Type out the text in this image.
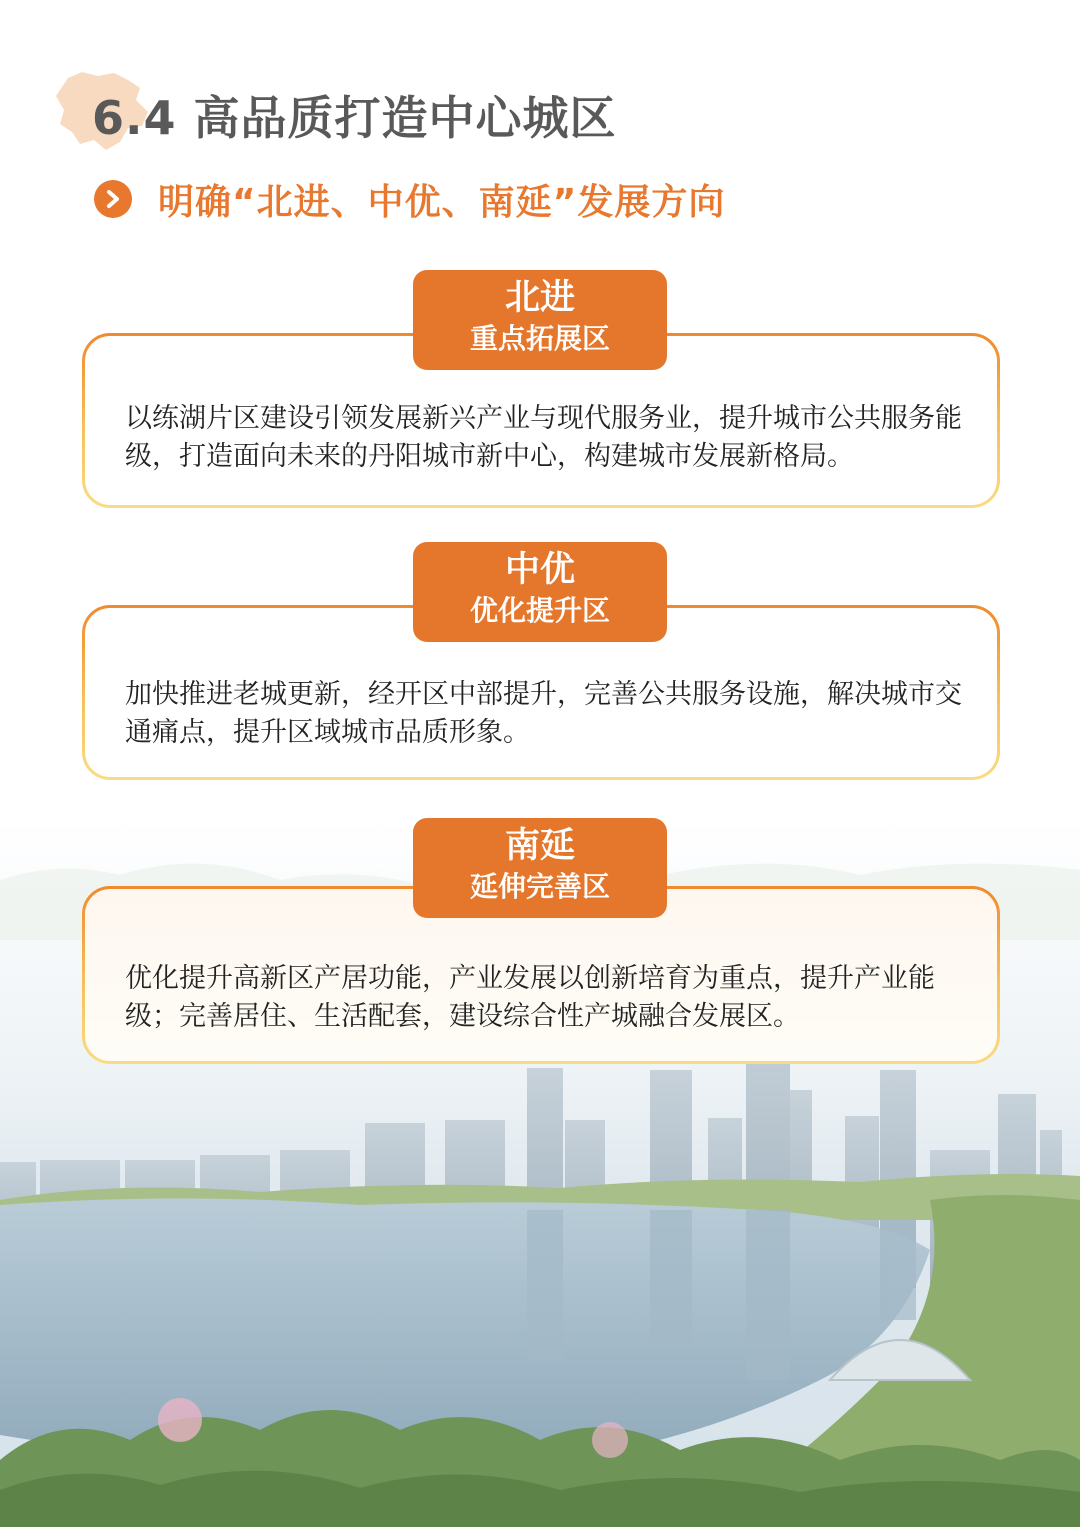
6.4 高品质打造中心城区
明确“北进、中优、南延”发展方向

以练湖片区建设引领发展新兴产业与现代服务业，提升城市公共服务能级，打造面向未来的丹阳城市新中心，构建城市发展新格局。

北进
重点拓展区

加快推进老城更新，经开区中部提升，完善公共服务设施，解决城市交通痛点，提升区域城市品质形象。

中优
优化提升区

优化提升高新区产居功能，产业发展以创新培育为重点，提升产业能级；完善居住、生活配套，建设综合性产城融合发展区。

南延
延伸完善区
